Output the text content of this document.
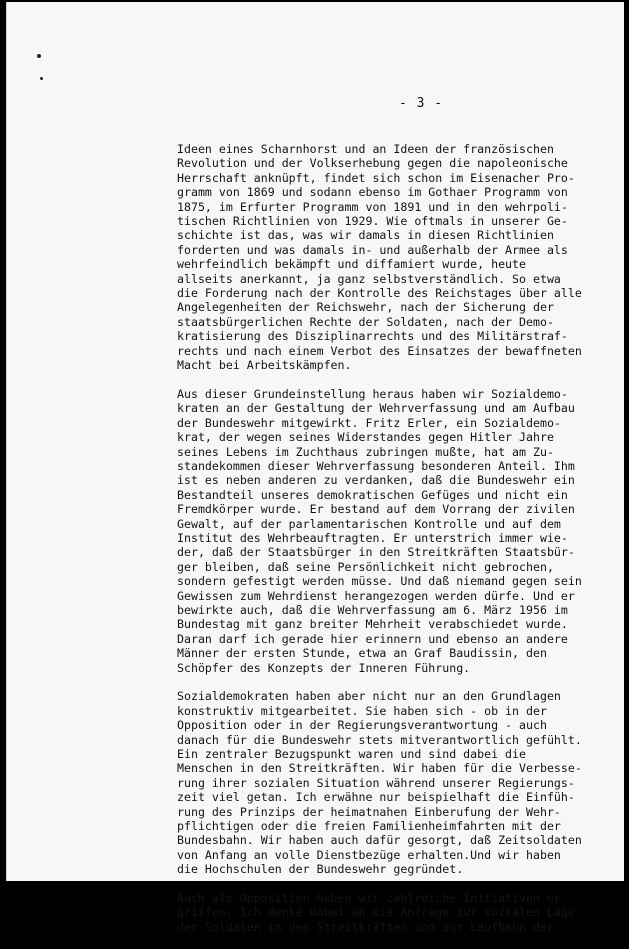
- 3 -
Ideen eines Scharnhorst und an Ideen der französischen
Revolution und der Volkserhebung gegen die napoleonische
Herrschaft anknüpft, findet sich schon im Eisenacher Pro-
gramm von 1869 und sodann ebenso im Gothaer Programm von
1875, im Erfurter Programm von 1891 und in den wehrpoli-
tischen Richtlinien von 1929. Wie oftmals in unserer Ge-
schichte ist das, was wir damals in diesen Richtlinien
forderten und was damals in- und außerhalb der Armee als
wehrfeindlich bekämpft und diffamiert wurde, heute
allseits anerkannt, ja ganz selbstverständlich. So etwa
die Forderung nach der Kontrolle des Reichstages über alle
Angelegenheiten der Reichswehr, nach der Sicherung der
staatsbürgerlichen Rechte der Soldaten, nach der Demo-
kratisierung des Disziplinarrechts und des Militärstraf-
rechts und nach einem Verbot des Einsatzes der bewaffneten
Macht bei Arbeitskämpfen.
Aus dieser Grundeinstellung heraus haben wir Sozialdemo-
kraten an der Gestaltung der Wehrverfassung und am Aufbau
der Bundeswehr mitgewirkt. Fritz Erler, ein Sozialdemo-
krat, der wegen seines Widerstandes gegen Hitler Jahre
seines Lebens im Zuchthaus zubringen mußte, hat am Zu-
standekommen dieser Wehrverfassung besonderen Anteil. Ihm
ist es neben anderen zu verdanken, daß die Bundeswehr ein
Bestandteil unseres demokratischen Gefüges und nicht ein
Fremdkörper wurde. Er bestand auf dem Vorrang der zivilen
Gewalt, auf der parlamentarischen Kontrolle und auf dem
Institut des Wehrbeauftragten. Er unterstrich immer wie-
der, daß der Staatsbürger in den Streitkräften Staatsbür-
ger bleiben, daß seine Persönlichkeit nicht gebrochen,
sondern gefestigt werden müsse. Und daß niemand gegen sein
Gewissen zum Wehrdienst herangezogen werden dürfe. Und er
bewirkte auch, daß die Wehrverfassung am 6. März 1956 im
Bundestag mit ganz breiter Mehrheit verabschiedet wurde.
Daran darf ich gerade hier erinnern und ebenso an andere
Männer der ersten Stunde, etwa an Graf Baudissin, den
Schöpfer des Konzepts der Inneren Führung.
Sozialdemokraten haben aber nicht nur an den Grundlagen
konstruktiv mitgearbeitet. Sie haben sich - ob in der
Opposition oder in der Regierungsverantwortung - auch
danach für die Bundeswehr stets mitverantwortlich gefühlt.
Ein zentraler Bezugspunkt waren und sind dabei die
Menschen in den Streitkräften. Wir haben für die Verbesse-
rung ihrer sozialen Situation während unserer Regierungs-
zeit viel getan. Ich erwähne nur beispielhaft die Einfüh-
rung des Prinzips der heimatnahen Einberufung der Wehr-
pflichtigen oder die freien Familienheimfahrten mit der
Bundesbahn. Wir haben auch dafür gesorgt, daß Zeitsoldaten
von Anfang an volle Dienstbezüge erhalten.Und wir haben
die Hochschulen der Bundeswehr gegründet.
Auch als Opposition haben wir zahlreiche Initiativen er-
griffen. Ich denke dabei an die Anfrage zur sozialen Lage
der Soldaten in den Streitkräften und zur Laufbahn der
